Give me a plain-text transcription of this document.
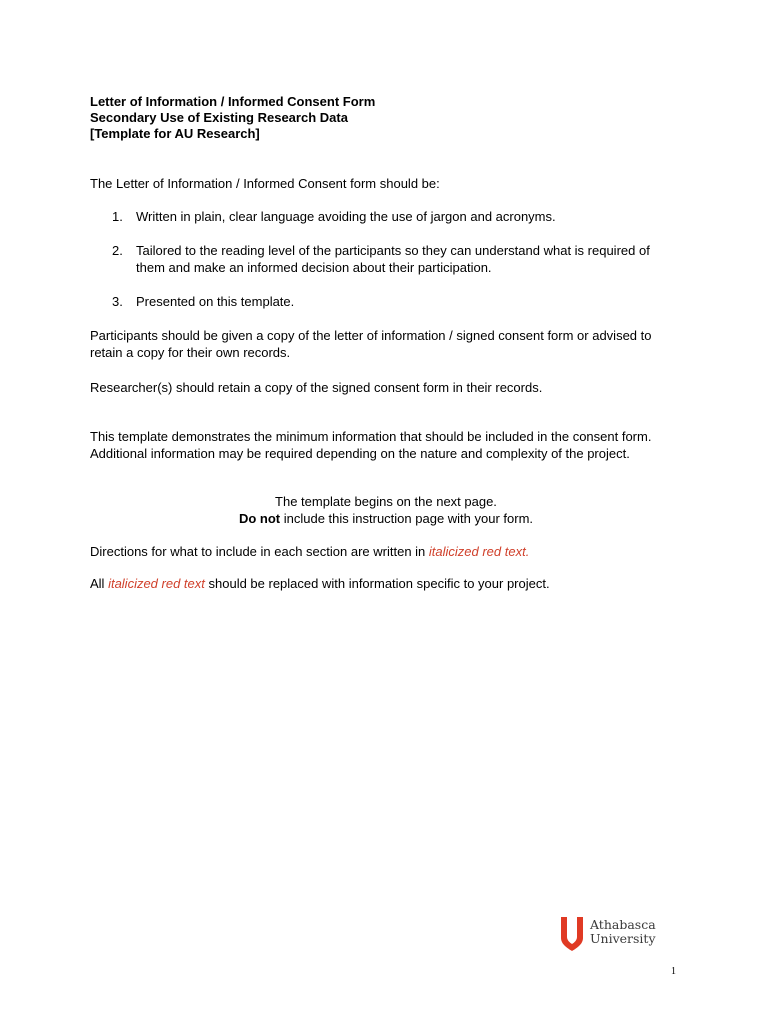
Letter of Information / Informed Consent Form
Secondary Use of Existing Research Data
[Template for AU Research]
The Letter of Information / Informed Consent form should be:
1. Written in plain, clear language avoiding the use of jargon and acronyms.
2. Tailored to the reading level of the participants so they can understand what is required of them and make an informed decision about their participation.
3. Presented on this template.
Participants should be given a copy of the letter of information / signed consent form or advised to retain a copy for their own records.
Researcher(s) should retain a copy of the signed consent form in their records.
This template demonstrates the minimum information that should be included in the consent form. Additional information may be required depending on the nature and complexity of the project.
The template begins on the next page.
Do not include this instruction page with your form.
Directions for what to include in each section are written in italicized red text.
All italicized red text should be replaced with information specific to your project.
Athabasca
University
1
